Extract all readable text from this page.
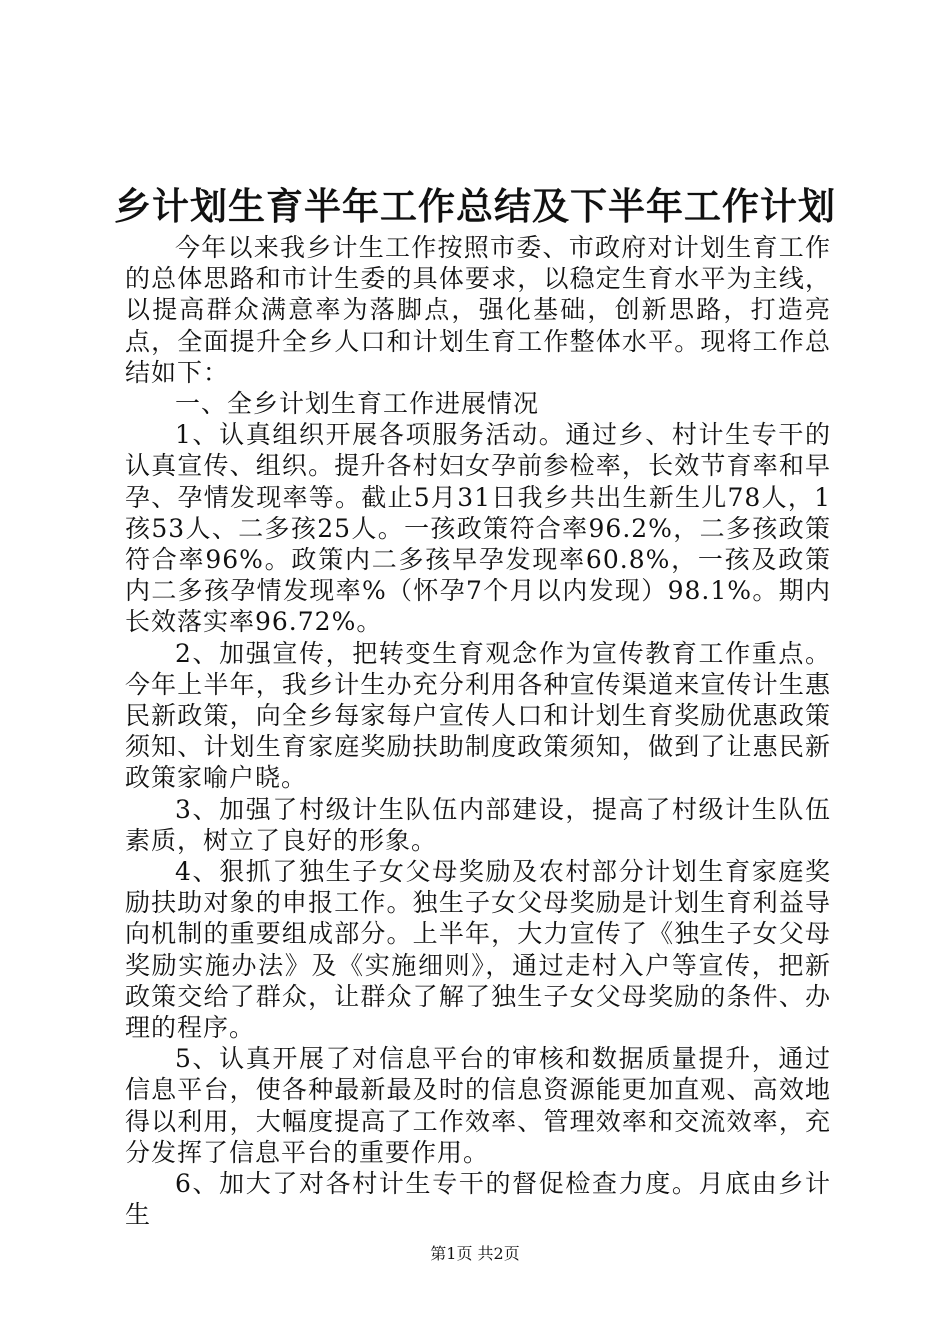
乡计划生育半年工作总结及下半年工作计划

今年以来我乡计生工作按照市委、市政府对计划生育工作的总体思路和市计生委的具体要求，以稳定生育水平为主线，以提高群众满意率为落脚点，强化基础，创新思路，打造亮点，全面提升全乡人口和计划生育工作整体水平。现将工作总结如下：

一、全乡计划生育工作进展情况

1、认真组织开展各项服务活动。通过乡、村计生专干的认真宣传、组织。提升各村妇女孕前参检率，长效节育率和早孕、孕情发现率等。截止5月31日我乡共出生新生儿78人，1孩53人、二多孩25人。一孩政策符合率96.2%，二多孩政策符合率96%。政策内二多孩早孕发现率60.8%，一孩及政策内二多孩孕情发现率%（怀孕7个月以内发现）98.1%。期内长效落实率96.72%。

2、加强宣传，把转变生育观念作为宣传教育工作重点。今年上半年，我乡计生办充分利用各种宣传渠道来宣传计生惠民新政策，向全乡每家每户宣传人口和计划生育奖励优惠政策须知、计划生育家庭奖励扶助制度政策须知，做到了让惠民新政策家喻户晓。

3、加强了村级计生队伍内部建设，提高了村级计生队伍素质，树立了良好的形象。

4、狠抓了独生子女父母奖励及农村部分计划生育家庭奖励扶助对象的申报工作。独生子女父母奖励是计划生育利益导向机制的重要组成部分。上半年，大力宣传了《独生子女父母奖励实施办法》及《实施细则》，通过走村入户等宣传，把新政策交给了群众，让群众了解了独生子女父母奖励的条件、办理的程序。

5、认真开展了对信息平台的审核和数据质量提升，通过信息平台，使各种最新最及时的信息资源能更加直观、高效地得以利用，大幅度提高了工作效率、管理效率和交流效率，充分发挥了信息平台的重要作用。

6、加大了对各村计生专干的督促检查力度。月底由乡计生

第1页 共2页
